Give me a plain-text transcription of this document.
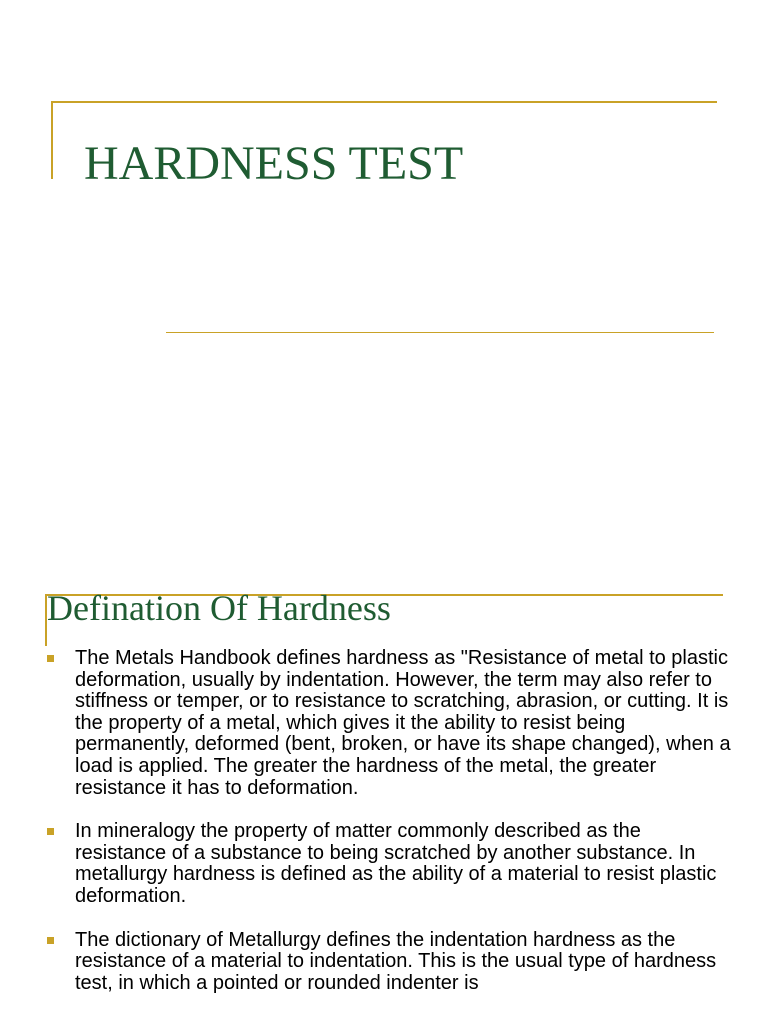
HARDNESS TEST
Defination Of Hardness
The Metals Handbook defines hardness as "Resistance of metal to plastic deformation, usually by indentation. However, the term may also refer to stiffness or temper, or to resistance to scratching, abrasion, or cutting. It is the property of a metal, which gives it the ability to resist being permanently, deformed (bent, broken, or have its shape changed), when a load is applied. The greater the hardness of the metal, the greater resistance it has to deformation.
In mineralogy the property of matter commonly described as the resistance of a substance to being scratched by another substance. In metallurgy hardness is defined as the ability of a material to resist plastic deformation.
The dictionary of Metallurgy defines the indentation hardness as the resistance of a material to indentation. This is the usual type of hardness test, in which a pointed or rounded indenter is
